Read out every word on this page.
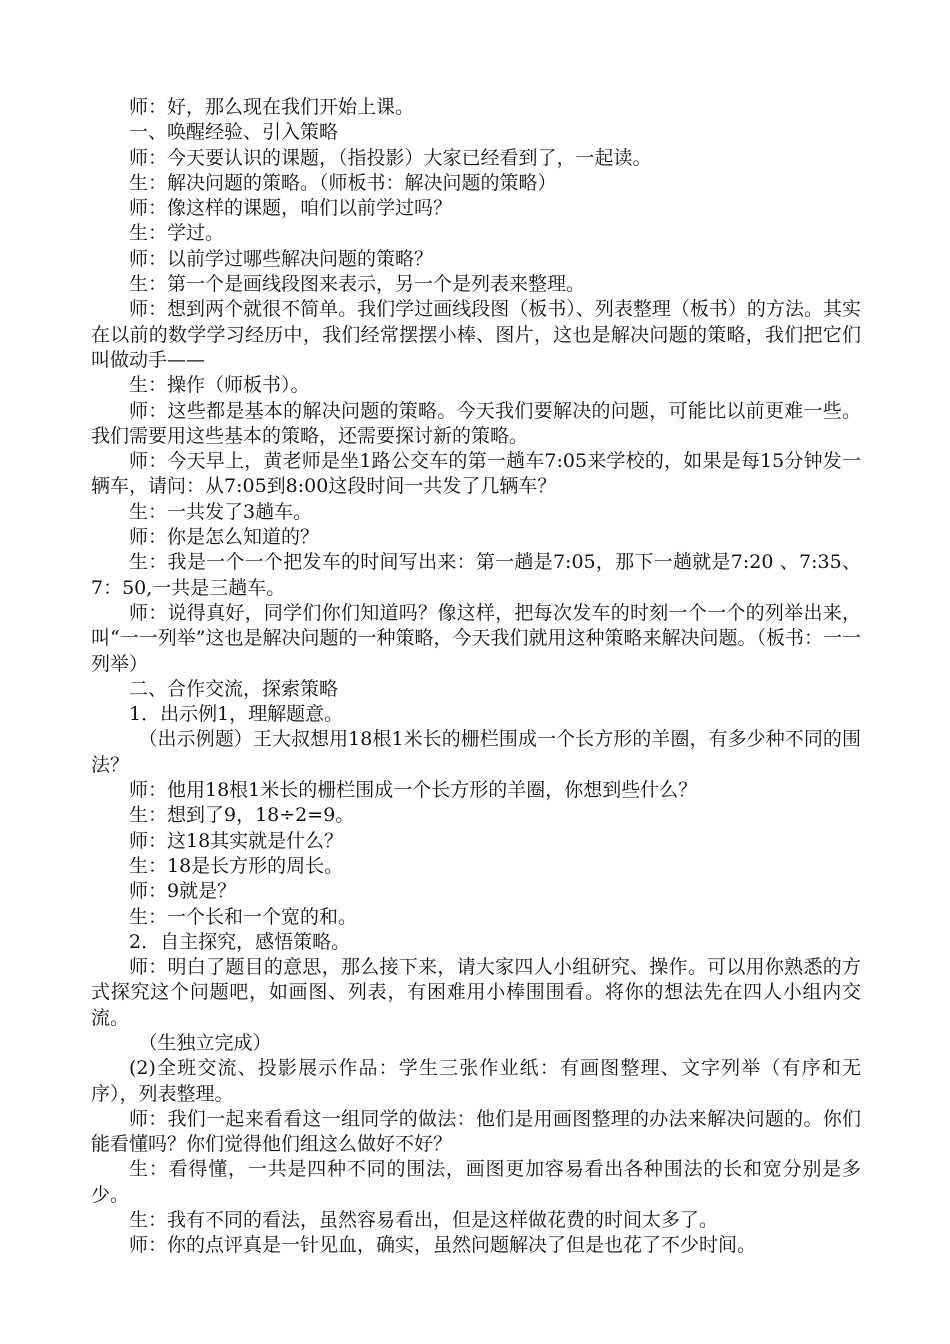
师：好，那么现在我们开始上课。

一、唤醒经验、引入策略

师：今天要认识的课题，（指投影）大家已经看到了，一起读。

生：解决问题的策略。（师板书：解决问题的策略）

师：像这样的课题，咱们以前学过吗？

生：学过。

师：以前学过哪些解决问题的策略？

生：第一个是画线段图来表示，另一个是列表来整理。

师：想到两个就很不简单。我们学过画线段图（板书）、列表整理（板书）的方法。其实在以前的数学学习经历中，我们经常摆摆小棒、图片，这也是解决问题的策略，我们把它们叫做动手——

生：操作（师板书）。

师：这些都是基本的解决问题的策略。今天我们要解决的问题，可能比以前更难一些。我们需要用这些基本的策略，还需要探讨新的策略。

师：今天早上，黄老师是坐1路公交车的第一趟车7:05来学校的，如果是每15分钟发一辆车，请问：从7:05到8:00这段时间一共发了几辆车？

生：一共发了3趟车。

师：你是怎么知道的？

生：我是一个一个把发车的时间写出来：第一趟是7:05，那下一趟就是7:20 、7:35、7：50,一共是三趟车。

师：说得真好，同学们你们知道吗？像这样，把每次发车的时刻一个一个的列举出来，叫“一一列举”这也是解决问题的一种策略，今天我们就用这种策略来解决问题。（板书：一一列举）

二、合作交流，探索策略

1．出示例1，理解题意。

（出示例题）王大叔想用18根1米长的栅栏围成一个长方形的羊圈，有多少种不同的围法？

师：他用18根1米长的栅栏围成一个长方形的羊圈，你想到些什么？

生：想到了9，18÷2=9。

师：这18其实就是什么？

生：18是长方形的周长。

师：9就是？

生：一个长和一个宽的和。

2．自主探究，感悟策略。

师：明白了题目的意思，那么接下来，请大家四人小组研究、操作。可以用你熟悉的方式探究这个问题吧，如画图、列表，有困难用小棒围围看。将你的想法先在四人小组内交流。

（生独立完成）

(2)全班交流、投影展示作品：学生三张作业纸：有画图整理、文字列举（有序和无序），列表整理。

师：我们一起来看看这一组同学的做法：他们是用画图整理的办法来解决问题的。你们能看懂吗？你们觉得他们组这么做好不好？

生：看得懂，一共是四种不同的围法，画图更加容易看出各种围法的长和宽分别是多少。

生：我有不同的看法，虽然容易看出，但是这样做花费的时间太多了。

师：你的点评真是一针见血，确实，虽然问题解决了但是也花了不少时间。
